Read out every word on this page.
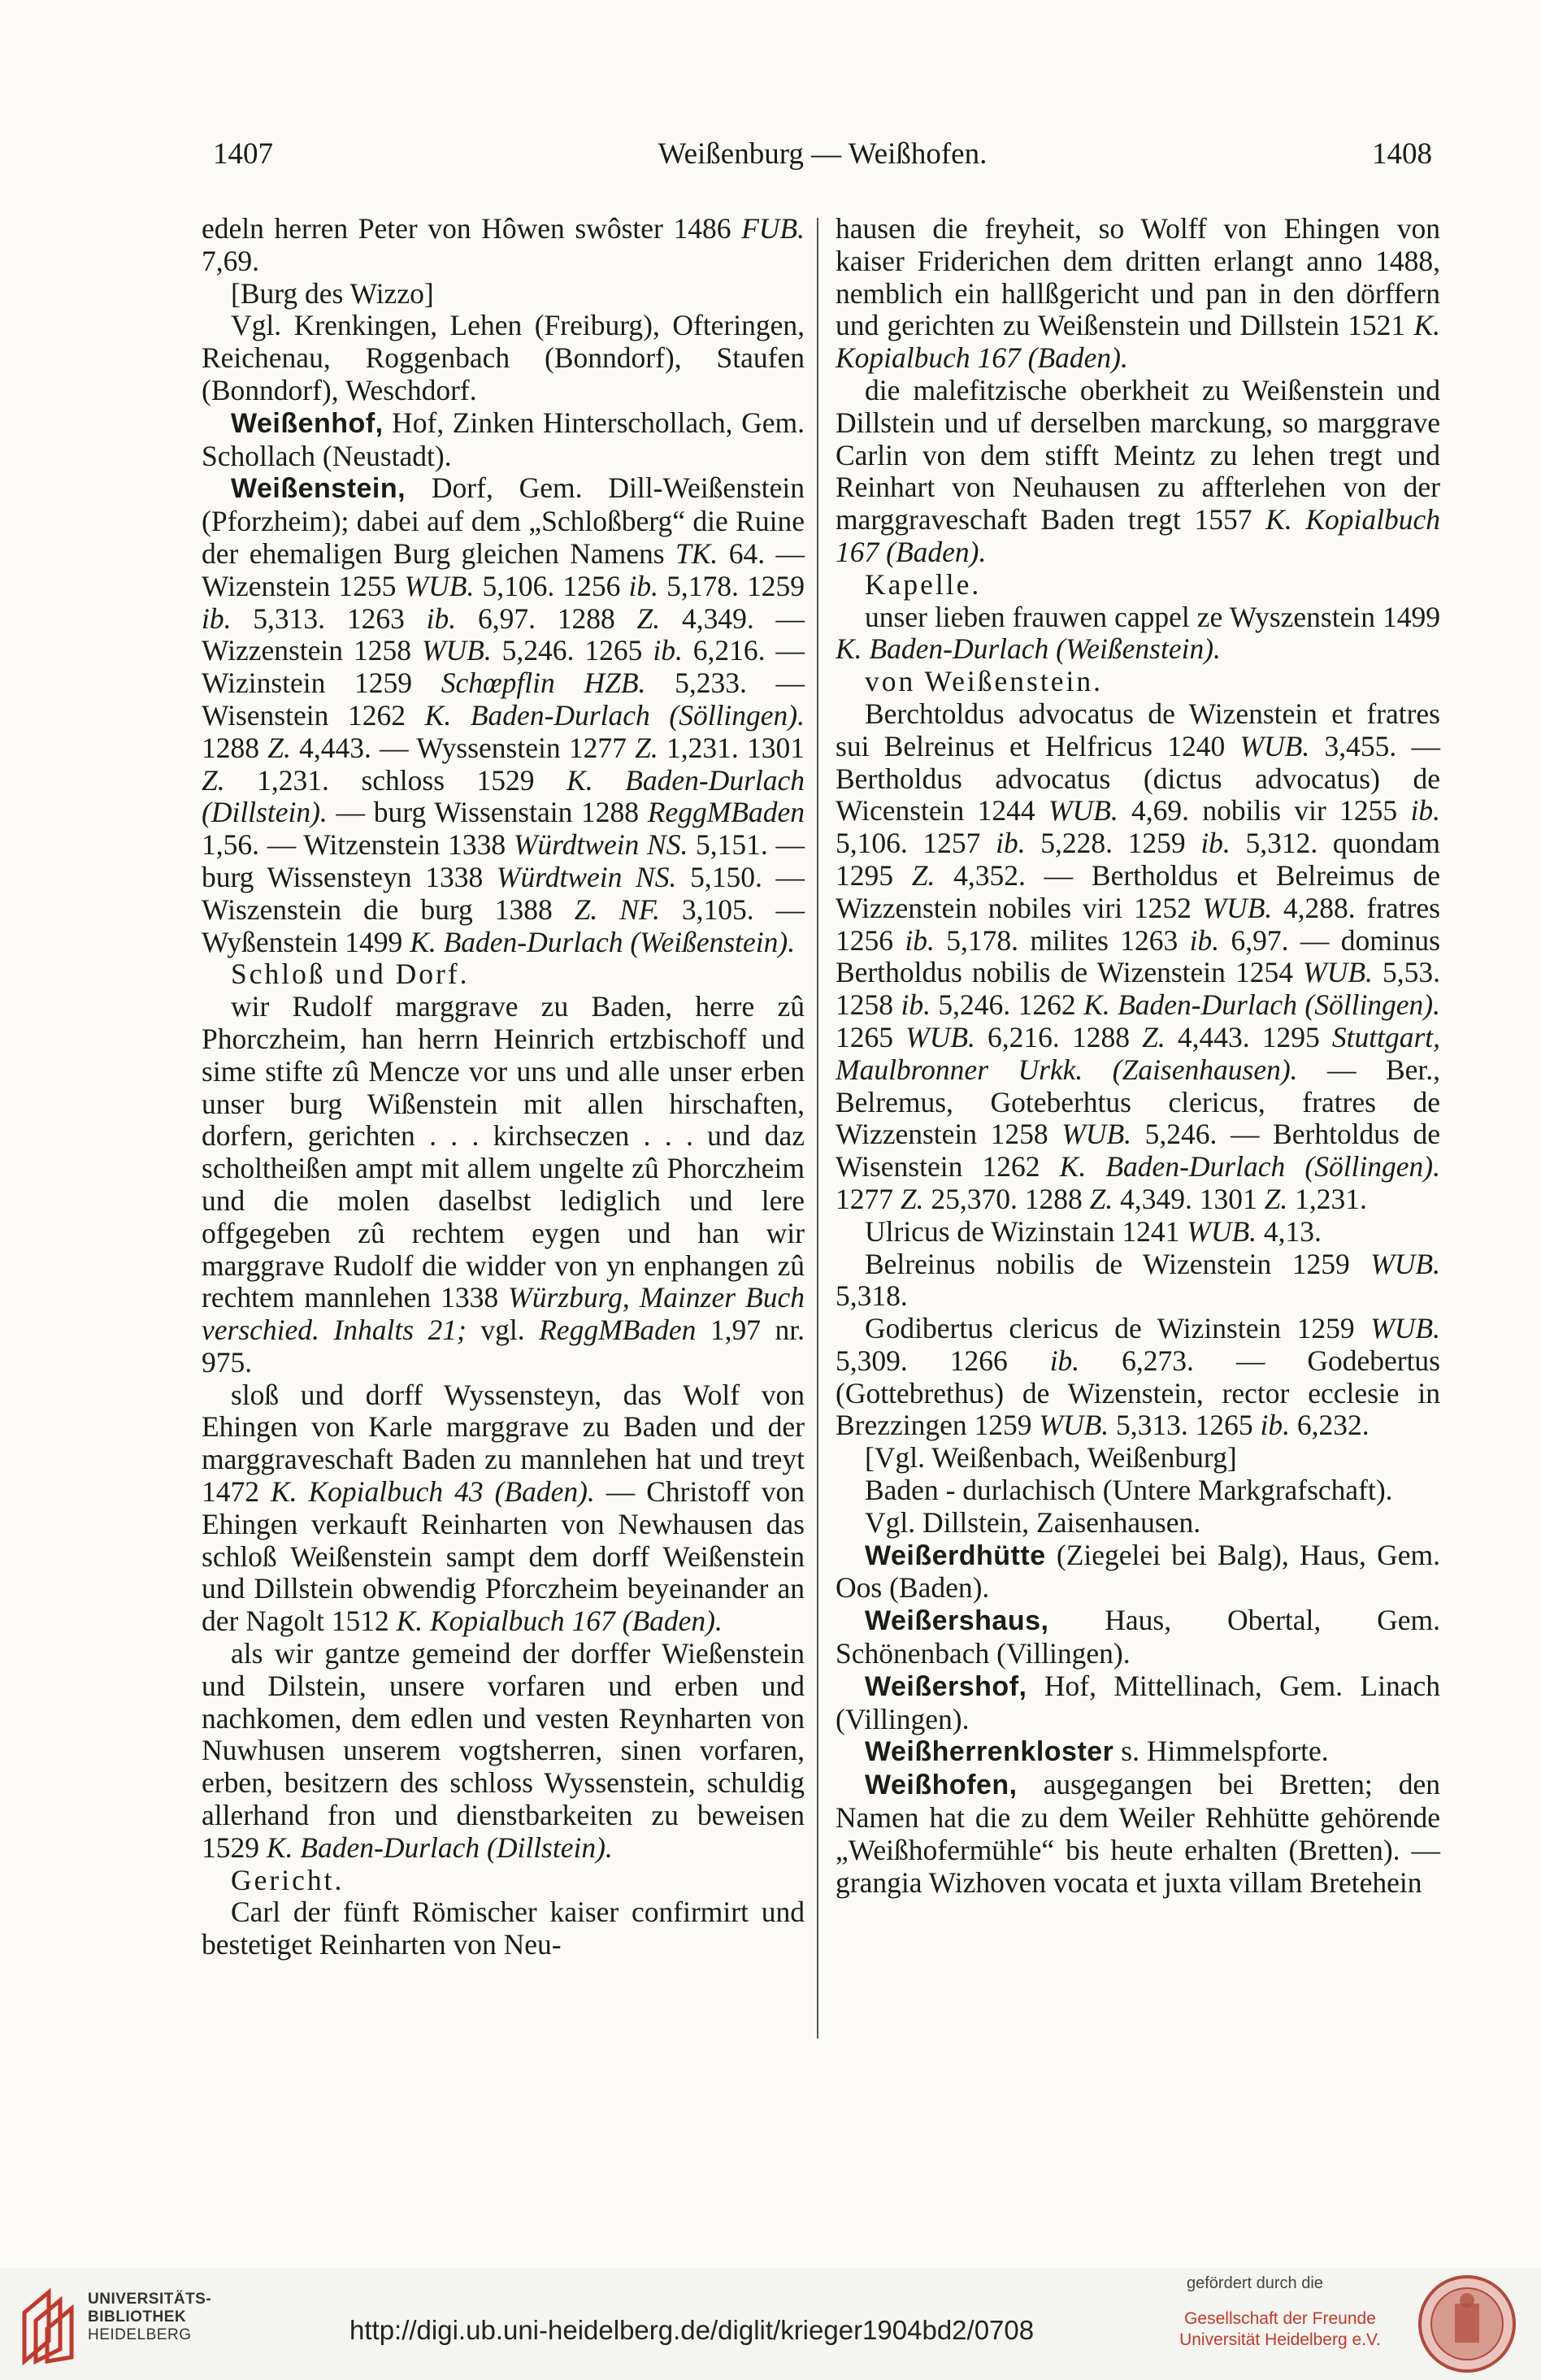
1407	Weißenburg — Weißhofen.	1408

edeln herren Peter von Hôwen swôster 1486 FUB. 7,69.

[Burg des Wizzo]

Vgl. Krenkingen, Lehen (Freiburg), Ofteringen, Reichenau, Roggenbach (Bonndorf), Staufen (Bonndorf), Weschdorf.

Weißenhof, Hof, Zinken Hinterschollach, Gem. Schollach (Neustadt).

Weißenstein, Dorf, Gem. Dill-Weißenstein (Pforzheim); dabei auf dem „Schloßberg“ die Ruine der ehemaligen Burg gleichen Namens TK. 64. — Wizenstein 1255 WUB. 5,106. 1256 ib. 5,178. 1259 ib. 5,313. 1263 ib. 6,97. 1288 Z. 4,349. — Wizzenstein 1258 WUB. 5,246. 1265 ib. 6,216. — Wizinstein 1259 Schœpflin HZB. 5,233. — Wisenstein 1262 K. Baden-Durlach (Söllingen). 1288 Z. 4,443. — Wyssenstein 1277 Z. 1,231. 1301 Z. 1,231. schloss 1529 K. Baden-Durlach (Dillstein). — burg Wissenstain 1288 ReggMBaden 1,56. — Witzenstein 1338 Würdtwein NS. 5,151. — burg Wissensteyn 1338 Würdtwein NS. 5,150. — Wiszenstein die burg 1388 Z. NF. 3,105. — Wyßenstein 1499 K. Baden-Durlach (Weißenstein).

Schloß und Dorf.

wir Rudolf marggrave zu Baden, herre zû Phorczheim, han herrn Heinrich ertzbischoff und sime stifte zû Mencze vor uns und alle unser erben unser burg Wißenstein mit allen hirschaften, dorfern, gerichten . . . kirchseczen . . . und daz scholtheißen ampt mit allem ungelte zû Phorczheim und die molen daselbst lediglich und lere offgegeben zû rechtem eygen und han wir marggrave Rudolf die widder von yn enphangen zû rechtem mannlehen 1338 Würzburg, Mainzer Buch verschied. Inhalts 21; vgl. ReggMBaden 1,97 nr. 975.

sloß und dorff Wyssensteyn, das Wolf von Ehingen von Karle marggrave zu Baden und der marggraveschaft Baden zu mannlehen hat und treyt 1472 K. Kopialbuch 43 (Baden). — Christoff von Ehingen verkauft Reinharten von Newhausen das schloß Weißenstein sampt dem dorff Weißenstein und Dillstein obwendig Pforczheim beyeinander an der Nagolt 1512 K. Kopialbuch 167 (Baden).

als wir gantze gemeind der dorffer Wießenstein und Dilstein, unsere vorfaren und erben und nachkomen, dem edlen und vesten Reynharten von Nuwhusen unserem vogtsherren, sinen vorfaren, erben, besitzern des schloss Wyssenstein, schuldig allerhand fron und dienstbarkeiten zu beweisen 1529 K. Baden-Durlach (Dillstein).

Gericht.

Carl der fünft Römischer kaiser confirmirt und bestetiget Reinharten von Neu-

hausen die freyheit, so Wolff von Ehingen von kaiser Friderichen dem dritten erlangt anno 1488, nemblich ein hallßgericht und pan in den dörffern und gerichten zu Weißenstein und Dillstein 1521 K. Kopialbuch 167 (Baden).

die malefitzische oberkheit zu Weißenstein und Dillstein und uf derselben marckung, so marggrave Carlin von dem stifft Meintz zu lehen tregt und Reinhart von Neuhausen zu affterlehen von der marggraveschaft Baden tregt 1557 K. Kopialbuch 167 (Baden).

Kapelle.

unser lieben frauwen cappel ze Wyszenstein 1499 K. Baden-Durlach (Weißenstein).

von Weißenstein.

Berchtoldus advocatus de Wizenstein et fratres sui Belreinus et Helfricus 1240 WUB. 3,455. — Bertholdus advocatus (dictus advocatus) de Wicenstein 1244 WUB. 4,69. nobilis vir 1255 ib. 5,106. 1257 ib. 5,228. 1259 ib. 5,312. quondam 1295 Z. 4,352. — Bertholdus et Belreimus de Wizzenstein nobiles viri 1252 WUB. 4,288. fratres 1256 ib. 5,178. milites 1263 ib. 6,97. — dominus Bertholdus nobilis de Wizenstein 1254 WUB. 5,53. 1258 ib. 5,246. 1262 K. Baden-Durlach (Söllingen). 1265 WUB. 6,216. 1288 Z. 4,443. 1295 Stuttgart, Maulbronner Urkk. (Zaisenhausen). — Ber., Belremus, Goteberhtus clericus, fratres de Wizzenstein 1258 WUB. 5,246. — Berhtoldus de Wisenstein 1262 K. Baden-Durlach (Söllingen). 1277 Z. 25,370. 1288 Z. 4,349. 1301 Z. 1,231.

Ulricus de Wizinstain 1241 WUB. 4,13.

Belreinus nobilis de Wizenstein 1259 WUB. 5,318.

Godibertus clericus de Wizinstein 1259 WUB. 5,309. 1266 ib. 6,273. — Godebertus (Gottebrethus) de Wizenstein, rector ecclesie in Brezzingen 1259 WUB. 5,313. 1265 ib. 6,232.

[Vgl. Weißenbach, Weißenburg]

Baden - durlachisch (Untere Markgrafschaft).

Vgl. Dillstein, Zaisenhausen.

Weißerdhütte (Ziegelei bei Balg), Haus, Gem. Oos (Baden).

Weißershaus, Haus, Obertal, Gem. Schönenbach (Villingen).

Weißershof, Hof, Mittellinach, Gem. Linach (Villingen).

Weißherrenkloster s. Himmelspforte.

Weißhofen, ausgegangen bei Bretten; den Namen hat die zu dem Weiler Rehhütte gehörende „Weißhofermühle“ bis heute erhalten (Bretten). — grangia Wizhoven vocata et juxta villam Bretehein

UNIVERSITÄTS-
BIBLIOTHEK
HEIDELBERG	http://digi.ub.uni-heidelberg.de/diglit/krieger1904bd2/0708
gefördert durch die
Gesellschaft der Freunde
Universität Heidelberg e.V.
